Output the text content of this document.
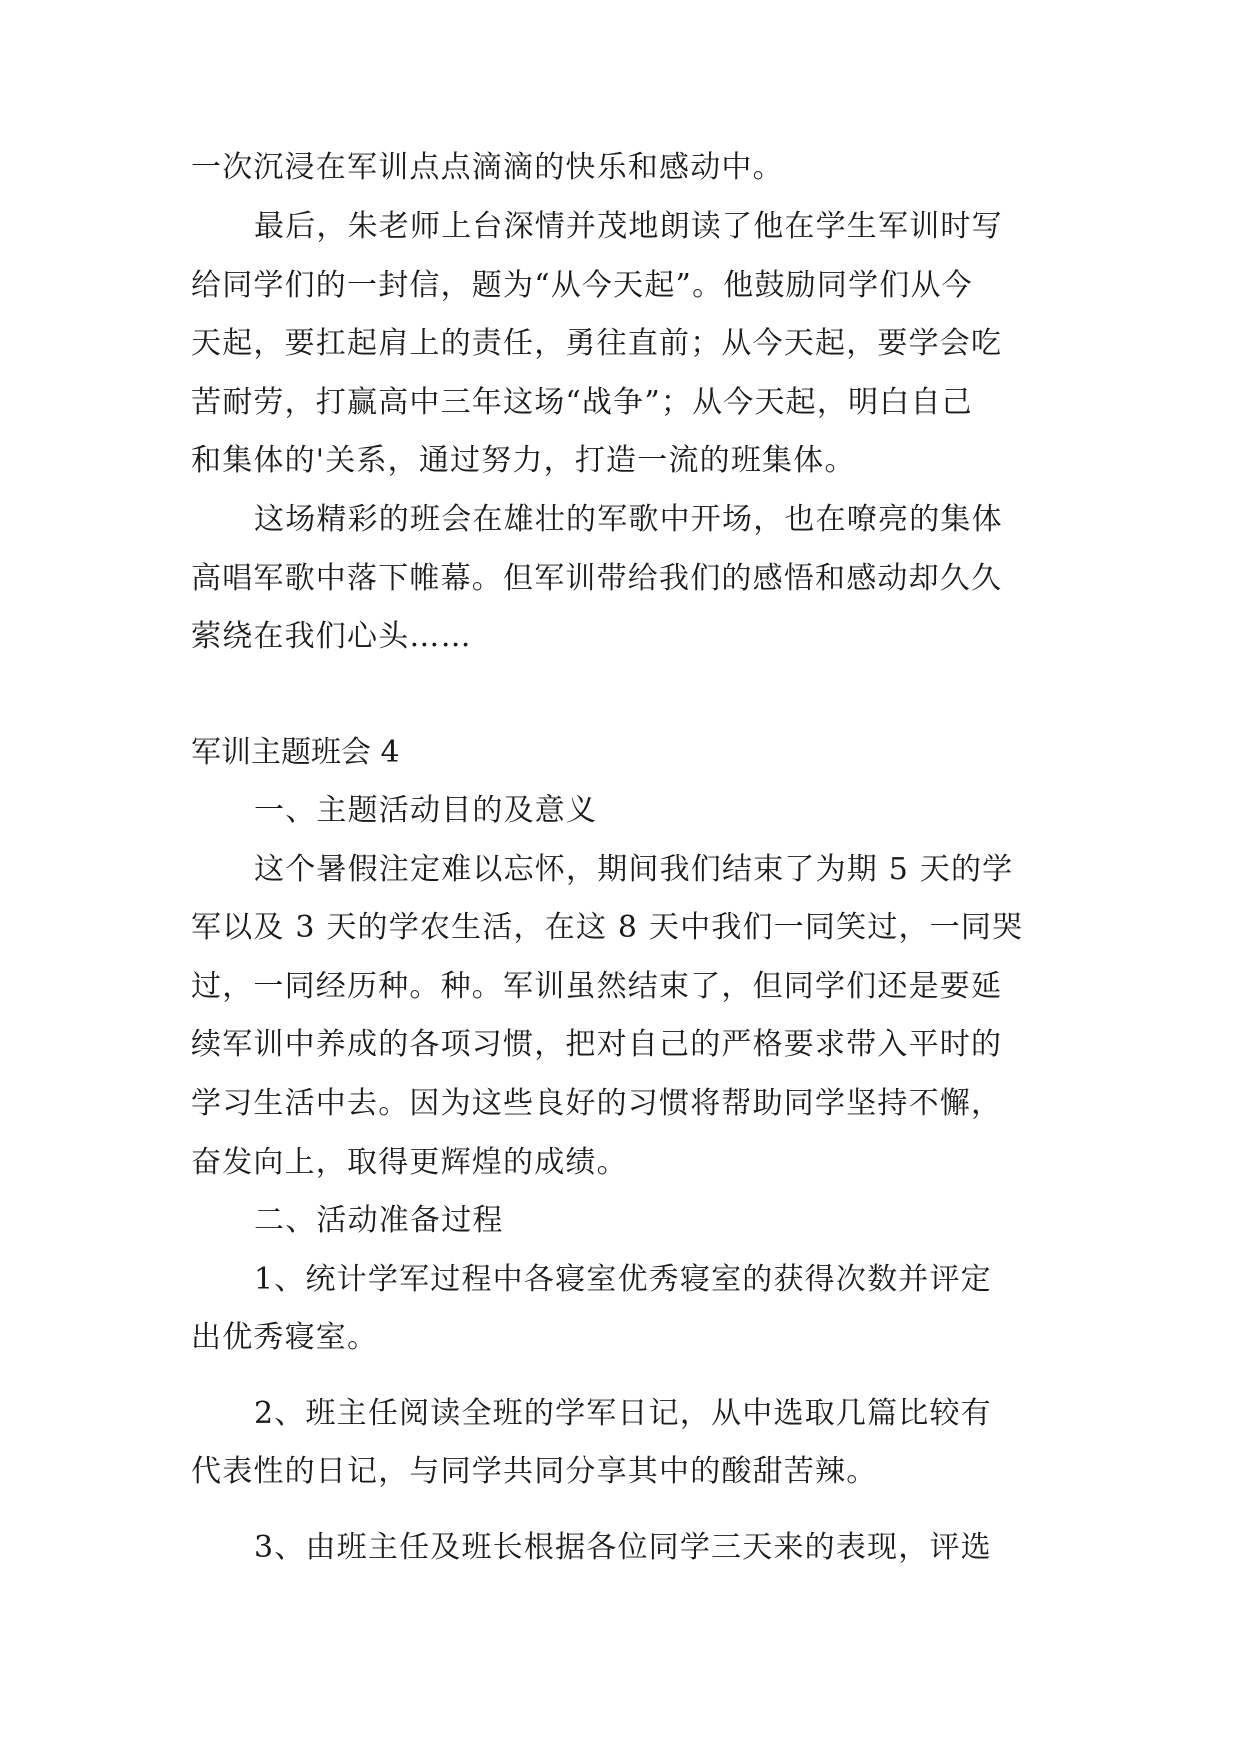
一次沉浸在军训点点滴滴的快乐和感动中。
最后，朱老师上台深情并茂地朗读了他在学生军训时写
给同学们的一封信，题为“从今天起”。他鼓励同学们从今
天起，要扛起肩上的责任，勇往直前；从今天起，要学会吃
苦耐劳，打赢高中三年这场“战争”；从今天起，明白自己
和集体的'关系，通过努力，打造一流的班集体。
这场精彩的班会在雄壮的军歌中开场，也在嘹亮的集体
高唱军歌中落下帷幕。但军训带给我们的感悟和感动却久久
萦绕在我们心头……
军训主题班会 4
一、主题活动目的及意义
这个暑假注定难以忘怀，期间我们结束了为期 5 天的学
军以及 3 天的学农生活，在这 8 天中我们一同笑过，一同哭
过，一同经历种。种。军训虽然结束了，但同学们还是要延
续军训中养成的各项习惯，把对自己的严格要求带入平时的
学习生活中去。因为这些良好的习惯将帮助同学坚持不懈，
奋发向上，取得更辉煌的成绩。
二、活动准备过程
1、统计学军过程中各寝室优秀寝室的获得次数并评定
出优秀寝室。
2、班主任阅读全班的学军日记，从中选取几篇比较有
代表性的日记，与同学共同分享其中的酸甜苦辣。
3、由班主任及班长根据各位同学三天来的表现，评选
